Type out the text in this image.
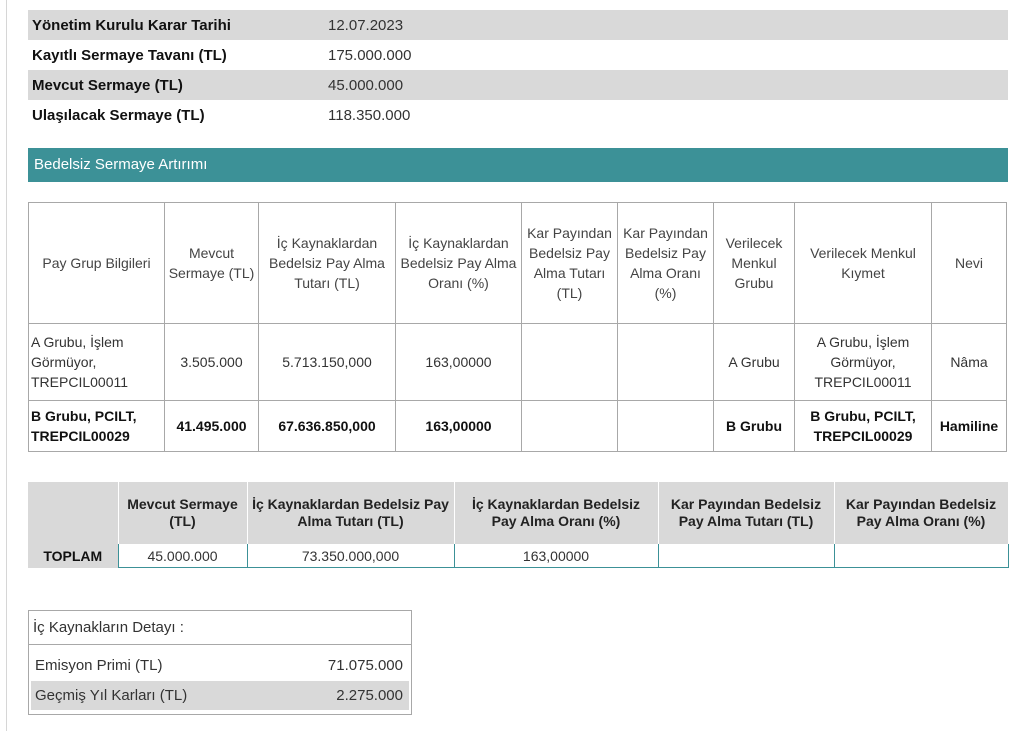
Yönetim Kurulu Karar Tarihi	12.07.2023
Kayıtlı Sermaye Tavanı (TL)	175.000.000
Mevcut Sermaye (TL)	45.000.000
Ulaşılacak Sermaye (TL)	118.350.000
Bedelsiz Sermaye Artırımı
Pay Grup Bilgileri	Mevcut Sermaye (TL)	İç Kaynaklardan Bedelsiz Pay Alma Tutarı (TL)	İç Kaynaklardan Bedelsiz Pay Alma Oranı (%)	Kar Payından Bedelsiz Pay Alma Tutarı (TL)	Kar Payından Bedelsiz Pay Alma Oranı (%)	Verilecek Menkul Grubu	Verilecek Menkul Kıymet	Nevi
A Grubu, İşlem Görmüyor, TREPCIL00011	3.505.000	5.713.150,000	163,00000			A Grubu	A Grubu, İşlem Görmüyor, TREPCIL00011	Nâma
B Grubu, PCILT, TREPCIL00029	41.495.000	67.636.850,000	163,00000			B Grubu	B Grubu, PCILT, TREPCIL00029	Hamiline
	Mevcut Sermaye (TL)	İç Kaynaklardan Bedelsiz Pay Alma Tutarı (TL)	İç Kaynaklardan Bedelsiz Pay Alma Oranı (%)	Kar Payından Bedelsiz Pay Alma Tutarı (TL)	Kar Payından Bedelsiz Pay Alma Oranı (%)
TOPLAM	45.000.000	73.350.000,000	163,00000		
İç Kaynakların Detayı :
Emisyon Primi (TL)	71.075.000
Geçmiş Yıl Karları (TL)	2.275.000
